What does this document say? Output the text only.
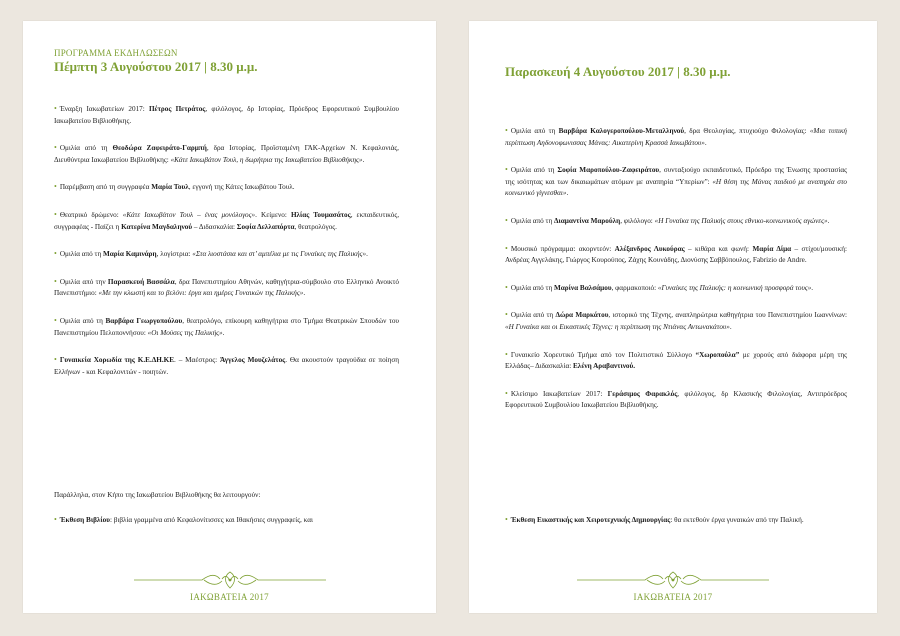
ΠΡΟΓΡΑΜΜΑ ΕΚΔΗΛΩΣΕΩΝ
Πέμπτη 3 Αυγούστου 2017 | 8.30 μ.μ.
• Έναρξη Ιακωβατείων 2017: Πέτρος Πετράτος, φιλόλογος, δρ Ιστορίας, Πρόεδρος Εφορευτικού Συμβουλίου Ιακωβατείου Βιβλιοθήκης.
• Ομιλία από τη Θεοδώρα Ζαφειράτο-Γαρμπή, δρα Ιστορίας, Προϊσταμένη ΓΑΚ-Αρχείων Ν. Κεφαλονιάς, Διευθύντρια Ιακωβατείου Βιβλιοθήκης: «Κάτε Ιακωβάτον Τουλ, η δωρήτρια της Ιακωβατείου Βιβλιοθήκης».
• Παρέμβαση από τη συγγραφέα Μαρία Τουλ, εγγονή της Κάτες Ιακωβάτου Τουλ.
• Θεατρικό δρώμενο: «Κάτε Ιακωβάτον Τουλ – ένας μονόλογος». Κείμενο: Ηλίας Τουμασάτος, εκπαιδευτικός, συγγραφέας - Παίζει η Κατερίνα Μαγδαληνού – Διδασκαλία: Σοφία Δελλαπόρτα, θεατρολόγος.
• Ομιλία από τη Μαρία Καμινάρη, λογίστρια: «Στα λιοστάσια και στ’ αμπέλια με τις Γυναίκες της Παλικής».
• Ομιλία από την Παρασκευή Βασσάλα, δρα Πανεπιστημίου Αθηνών, καθηγήτρια-σύμβουλο στο Ελληνικό Ανοικτό Πανεπιστήμιο: «Με την κλωστή και το βελόνι: έργα και ημέρες Γυναικών της Παλικής».
• Ομιλία από τη Βαρβάρα Γεωργοπούλου, θεατρολόγο, επίκουρη καθηγήτρια στο Τμήμα Θεατρικών Σπουδών του Πανεπιστημίου Πελοποννήσου: «Οι Μούσες της Παλικής».
• Γυναικεία Χορωδία της Κ.Ε.ΔΗ.ΚΕ. – Μαέστρος: Άγγελος Μουζελάτος. Θα ακουστούν τραγούδια σε ποίηση Ελλήνων - και Κεφαλονιτών - ποιητών.
Παράλληλα, στον Κήπο της Ιακωβατείου Βιβλιοθήκης θα λειτουργούν:
• Έκθεση Βιβλίου: βιβλία γραμμένα από Κεφαλονίτισσες και Ιθακήσιες συγγραφείς, και
ΙΑΚΩΒΑΤΕΙΑ 2017
Παρασκευή 4 Αυγούστου 2017 | 8.30 μ.μ.
• Ομιλία από τη Βαρβάρα Καλογεροπούλου-Μεταλληνού, δρα Θεολογίας, πτυχιούχο Φιλολογίας: «Μια τυπική περίπτωση Αηδονοφωνισσας Μάνας: Αικατερίνη Κρασσά Ιακωβάτου».
• Ομιλία από τη Σοφία Μαροπούλου-Ζαφειράτου, συνταξιούχο εκπαιδευτικό, Πρόεδρο της Ένωσης προστασίας της ισότητας και των δικαιωμάτων ατόμων με αναπηρία “Υπερίων”: «Η θέση της Μάνας παιδιού με αναπηρία στο κοινωνικό γίγνεσθαι».
• Ομιλία από τη Διαμαντίνα Μαρούλη, φιλόλογο: «Η Γυναίκα της Παλικής στους εθνικο-κοινωνικούς αγώνες».
• Μουσικό πρόγραμμα: ακορντεόν: Αλέξανδρος Λυκούρας – κιθάρα και φωνή: Μαρία Δίμα – στίχοι/μουσική: Ανδρέας Αγγελάκης, Γιώργος Κουρούπος, Ζάχης Κουνάδης, Διονύσης Σαββόπουλος, Fabrizio de Andre.
• Ομιλία από τη Μαρίνα Βαλσάμου, φαρμακοποιό: «Γυναίκες της Παλικής: η κοινωνική προσφορά τους».
• Ομιλία από τη Δώρα Μαρκάτου, ιστορικό της Τέχνης, αναπληρώτρια καθηγήτρια του Πανεπιστημίου Ιωαννίνων: «Η Γυναίκα και οι Εικαστικές Τέχνες: η περίπτωση της Ντιάνας Αντωνακάτου».
• Γυναικείο Χορευτικό Τμήμα από τον Πολιτιστικό Σύλλογο “Χωροπούλα” με χορούς από διάφορα μέρη της Ελλάδας– Διδασκαλία: Ελένη Αραβαντινού.
• Κλείσιμο Ιακωβατείων 2017: Γεράσιμος Φαρακλός, φιλόλογος, δρ Κλασικής Φιλολογίας, Αντιπρόεδρος Εφορευτικού Συμβουλίου Ιακωβατείου Βιβλιοθήκης.
• Έκθεση Εικαστικής και Χειροτεχνικής Δημιουργίας: θα εκτεθούν έργα γυναικών από την Παλική.
ΙΑΚΩΒΑΤΕΙΑ 2017
